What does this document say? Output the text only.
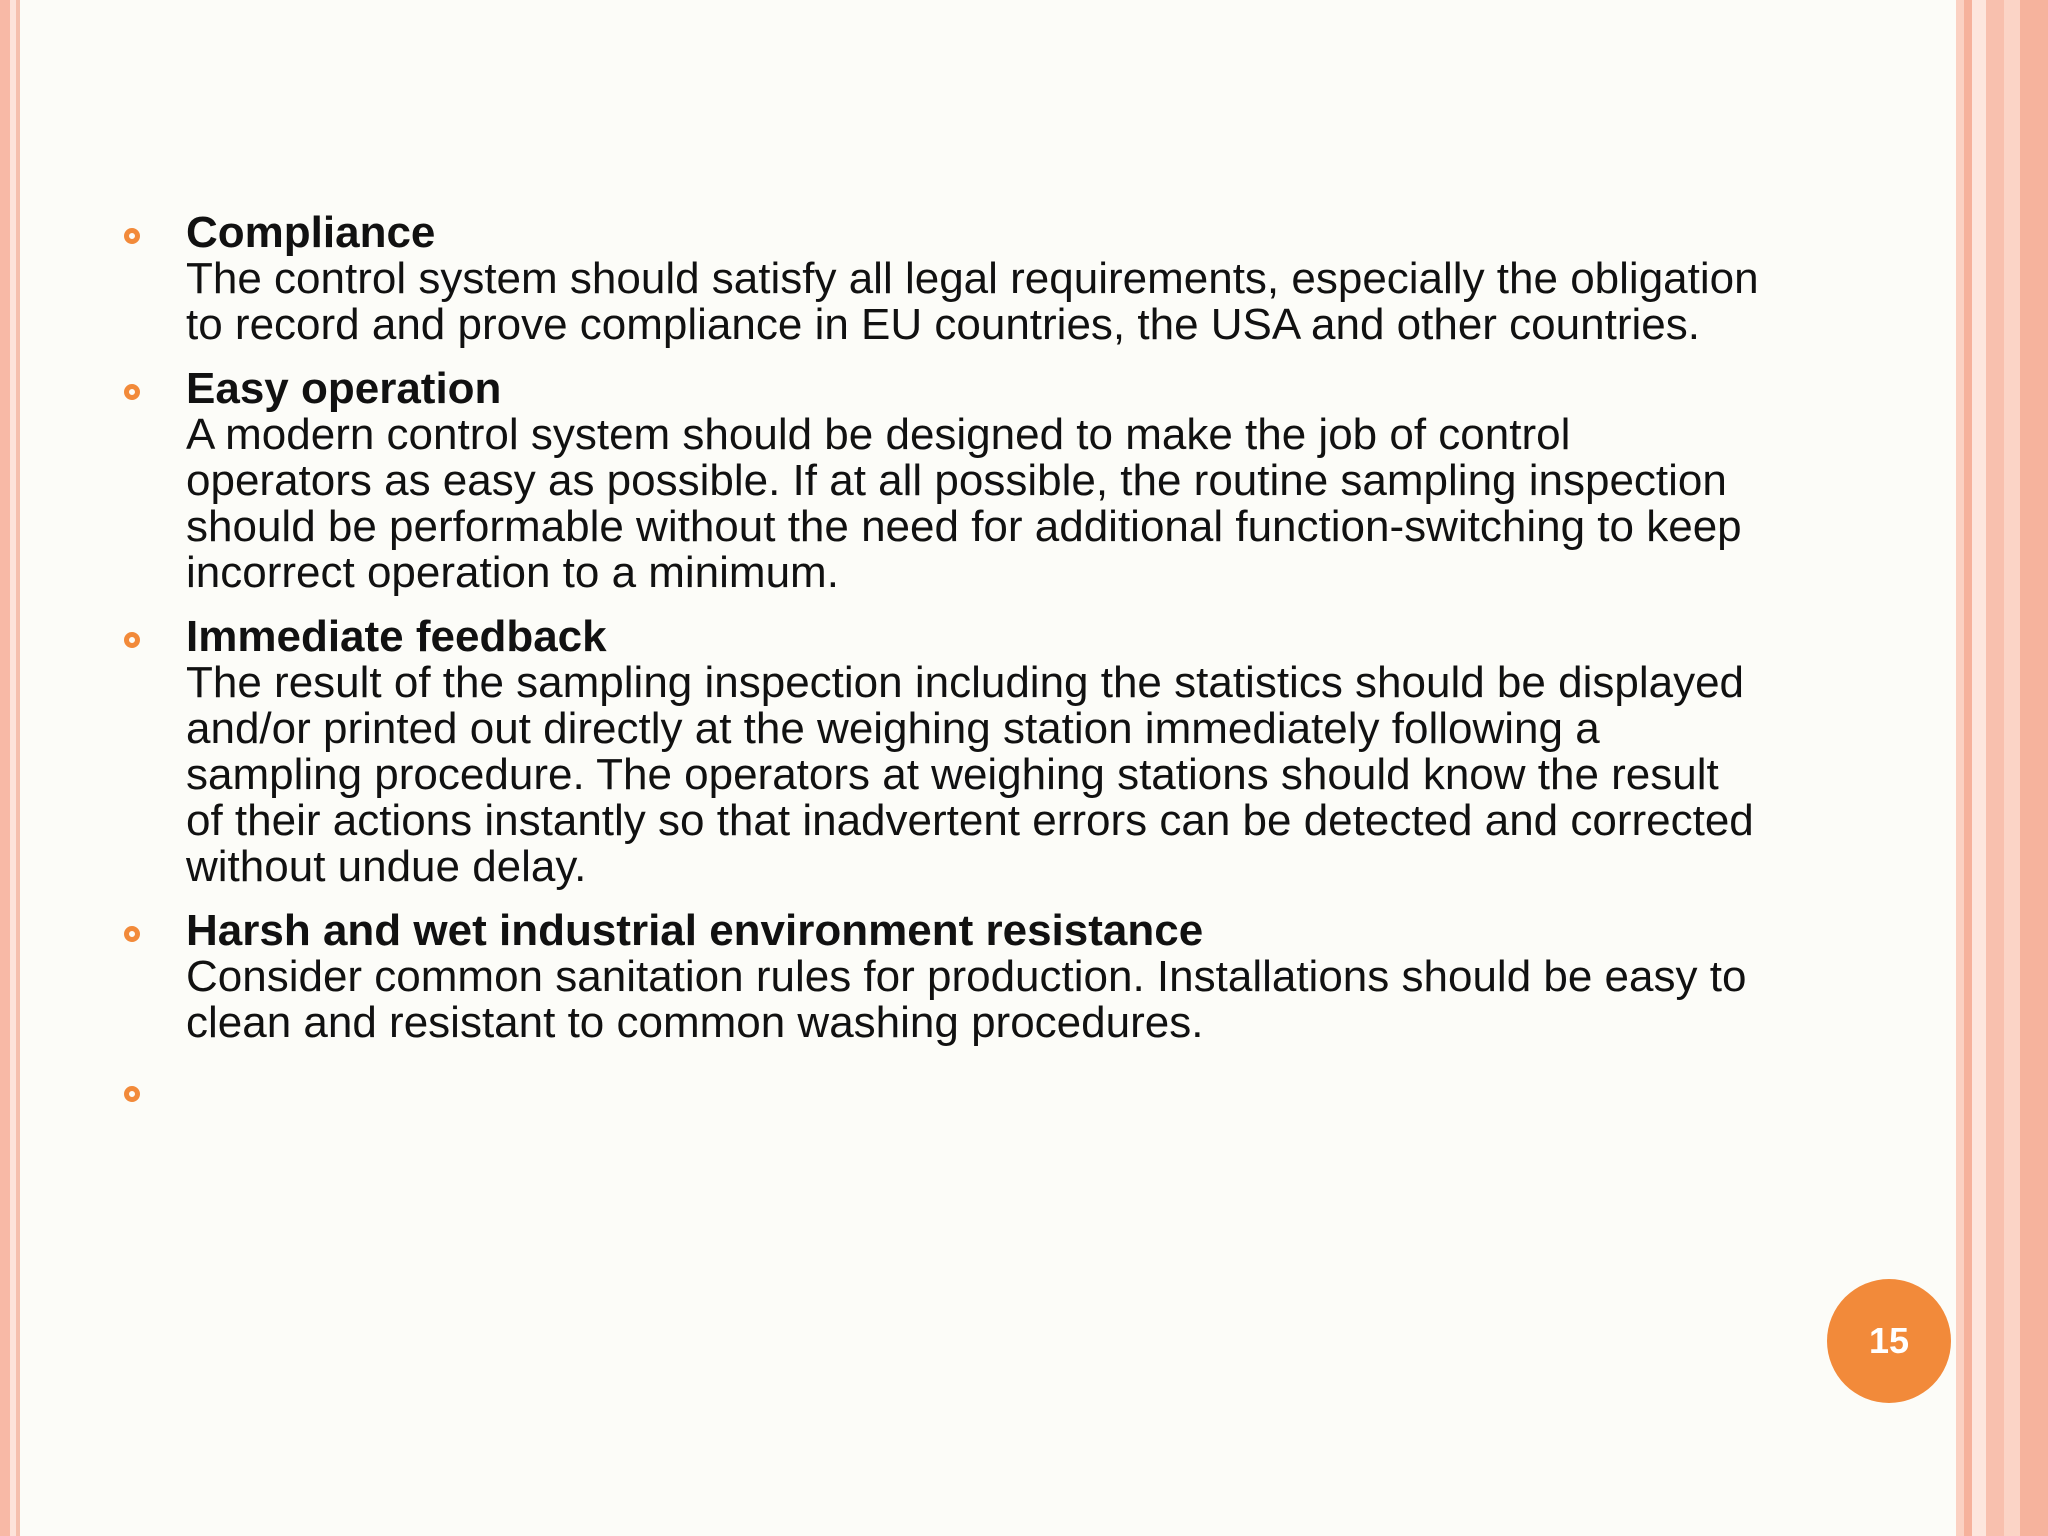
Compliance
The control system should satisfy all legal requirements, especially the obligation
to record and prove compliance in EU countries, the USA and other countries.
Easy operation
A modern control system should be designed to make the job of control
operators as easy as possible. If at all possible, the routine sampling inspection
should be performable without the need for additional function-switching to keep
incorrect operation to a minimum.
Immediate feedback
The result of the sampling inspection including the statistics should be displayed
and/or printed out directly at the weighing station immediately following a
sampling procedure. The operators at weighing stations should know the result
of their actions instantly so that inadvertent errors can be detected and corrected
without undue delay.
Harsh and wet industrial environment resistance
Consider common sanitation rules for production. Installations should be easy to
clean and resistant to common washing procedures.
15
